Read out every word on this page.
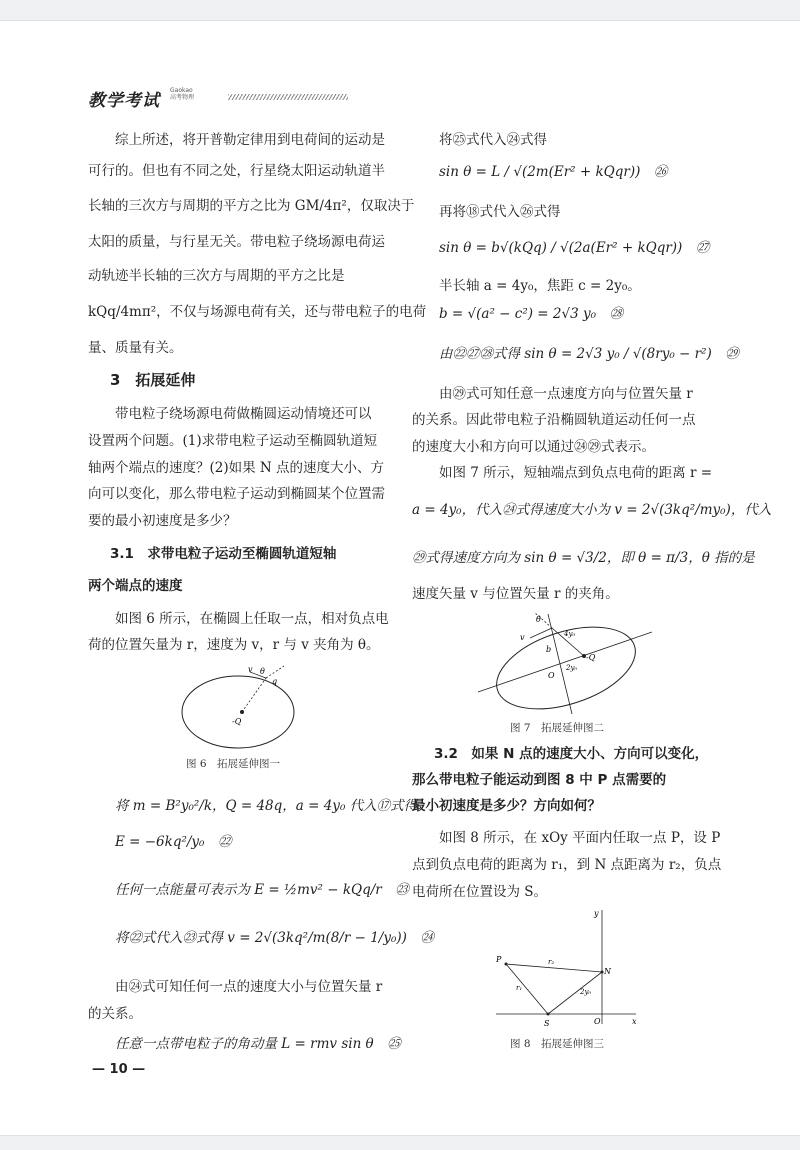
教学考试
Gaokao
高考物理
综上所述，将开普勒定律用到电荷间的运动是
可行的。但也有不同之处，行星绕太阳运动轨道半
长轴的三次方与周期的平方之比为 GM/4π²，仅取决于
太阳的质量，与行星无关。带电粒子绕场源电荷运
动轨迹半长轴的三次方与周期的平方之比是
kQq/4mπ²，不仅与场源电荷有关，还与带电粒子的电荷
量、质量有关。
3　拓展延伸
带电粒子绕场源电荷做椭圆运动情境还可以
设置两个问题。(1)求带电粒子运动至椭圆轨道短
轴两个端点的速度？(2)如果 N 点的速度大小、方
向可以变化，那么带电粒子运动到椭圆某个位置需
要的最小初速度是多少？
3.1　求带电粒子运动至椭圆轨道短轴
两个端点的速度
如图 6 所示，在椭圆上任取一点，相对负点电
荷的位置矢量为 r，速度为 v，r 与 v 夹角为 θ。
v θ
q
-Q
图 6　拓展延伸图一
将 m = B²y₀²/k，Q = 48q，a = 4y₀ 代入⑰式得
E = −6kq²/y₀　㉒
任何一点能量可表示为 E = ½mv² − kQq/r　㉓
将㉒式代入㉓式得 v = 2√(3kq²/m(8/r − 1/y₀))　㉔
由㉔式可知任何一点的速度大小与位置矢量 r
的关系。
任意一点带电粒子的角动量 L = rmv sin θ　㉕
将㉕式代入㉔式得
sin θ = L / √(2m(Er² + kQqr))　㉖
再将⑱式代入㉖式得
sin θ = b√(kQq) / √(2a(Er² + kQqr))　㉗
半长轴 a = 4y₀，焦距 c = 2y₀。
b = √(a² − c²) = 2√3 y₀　㉘
由㉒㉗㉘式得 sin θ = 2√3 y₀ / √(8ry₀ − r²)　㉙
由㉙式可知任意一点速度方向与位置矢量 r
的关系。因此带电粒子沿椭圆轨道运动任何一点
的速度大小和方向可以通过㉔㉙式表示。
如图 7 所示，短轴端点到负点电荷的距离 r =
a = 4y₀，代入㉔式得速度大小为 v = 2√(3kq²/my₀)，代入
㉙式得速度方向为 sin θ = √3/2，即 θ = π/3，θ 指的是
速度矢量 v 与位置矢量 r 的夹角。
v
θ
4y₀
b
2y₀
-Q
O
图 7　拓展延伸图二
3.2　如果 N 点的速度大小、方向可以变化，
那么带电粒子能运动到图 8 中 P 点需要的
最小初速度是多少？方向如何？
如图 8 所示，在 xOy 平面内任取一点 P，设 P
点到负点电荷的距离为 r₁，到 N 点距离为 r₂，负点
电荷所在位置设为 S。
y
x
P
N
S	O
r₁
r₂
2y₀
图 8　拓展延伸图三
— 10 —
